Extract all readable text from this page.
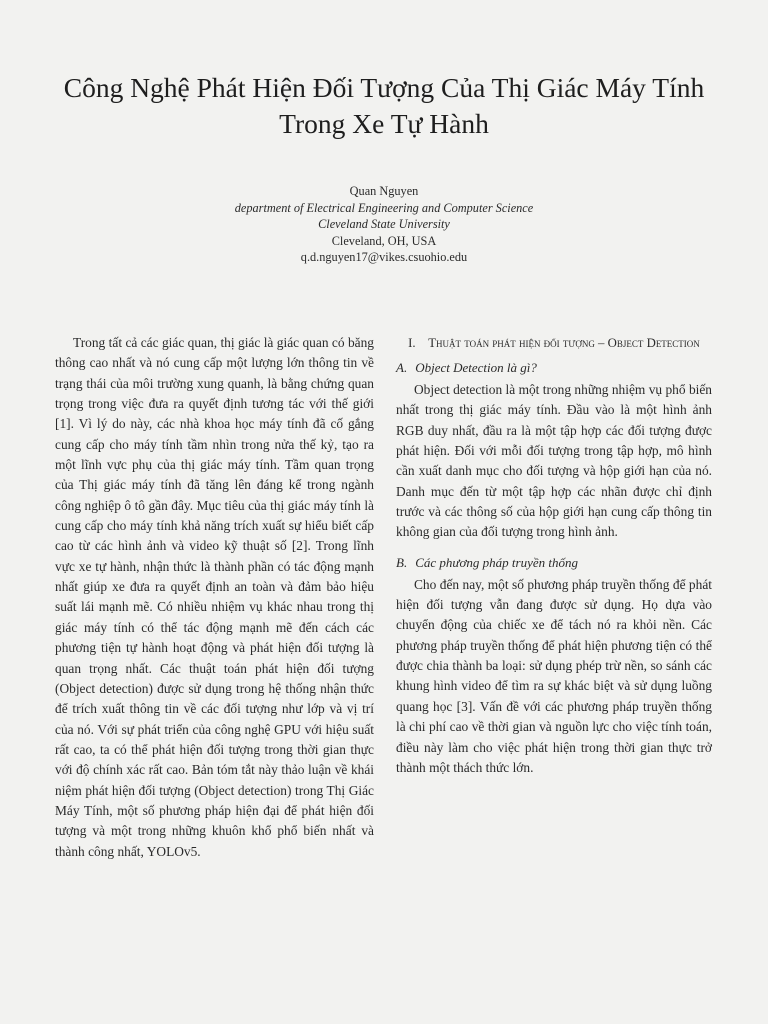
Công Nghệ Phát Hiện Đối Tượng Của Thị Giác Máy Tính Trong Xe Tự Hành
Quan Nguyen
department of Electrical Engineering and Computer Science
Cleveland State University
Cleveland, OH, USA
q.d.nguyen17@vikes.csuohio.edu

Trong tất cả các giác quan, thị giác là giác quan có băng thông cao nhất và nó cung cấp một lượng lớn thông tin về trạng thái của môi trường xung quanh, là bằng chứng quan trọng trong việc đưa ra quyết định tương tác với thế giới [1]. Vì lý do này, các nhà khoa học máy tính đã cố gắng cung cấp cho máy tính tầm nhìn trong nửa thế kỷ, tạo ra một lĩnh vực phụ của thị giác máy tính. Tầm quan trọng của Thị giác máy tính đã tăng lên đáng kể trong ngành công nghiệp ô tô gần đây. Mục tiêu của thị giác máy tính là cung cấp cho máy tính khả năng trích xuất sự hiểu biết cấp cao từ các hình ảnh và video kỹ thuật số [2]. Trong lĩnh vực xe tự hành, nhận thức là thành phần có tác động mạnh nhất giúp xe đưa ra quyết định an toàn và đảm bảo hiệu suất lái mạnh mẽ. Có nhiều nhiệm vụ khác nhau trong thị giác máy tính có thể tác động mạnh mẽ đến cách các phương tiện tự hành hoạt động và phát hiện đối tượng là quan trọng nhất. Các thuật toán phát hiện đối tượng (Object detection) được sử dụng trong hệ thống nhận thức để trích xuất thông tin về các đối tượng như lớp và vị trí của nó. Với sự phát triển của công nghệ GPU với hiệu suất rất cao, ta có thể phát hiện đối tượng trong thời gian thực với độ chính xác rất cao. Bản tóm tắt này thảo luận về khái niệm phát hiện đối tượng (Object detection) trong Thị Giác Máy Tính, một số phương pháp hiện đại để phát hiện đối tượng và một trong những khuôn khổ phổ biến nhất và thành công nhất, YOLOv5.

I. Thuật toán phát hiện đối tượng – Object Detection
A. Object Detection là gì?

Object detection là một trong những nhiệm vụ phổ biến nhất trong thị giác máy tính. Đầu vào là một hình ảnh RGB duy nhất, đầu ra là một tập hợp các đối tượng được phát hiện. Đối với mỗi đối tượng trong tập hợp, mô hình cần xuất danh mục cho đối tượng và hộp giới hạn của nó. Danh mục đến từ một tập hợp các nhãn được chỉ định trước và các thông số của hộp giới hạn cung cấp thông tin không gian của đối tượng trong hình ảnh.

B. Các phương pháp truyền thống

Cho đến nay, một số phương pháp truyền thống để phát hiện đối tượng vẫn đang được sử dụng. Họ dựa vào chuyển động của chiếc xe để tách nó ra khỏi nền. Các phương pháp truyền thống để phát hiện phương tiện có thể được chia thành ba loại: sử dụng phép trừ nền, so sánh các khung hình video để tìm ra sự khác biệt và sử dụng luồng quang học [3]. Vấn đề với các phương pháp truyền thống là chi phí cao về thời gian và nguồn lực cho việc tính toán, điều này làm cho việc phát hiện trong thời gian thực trở thành một thách thức lớn.
